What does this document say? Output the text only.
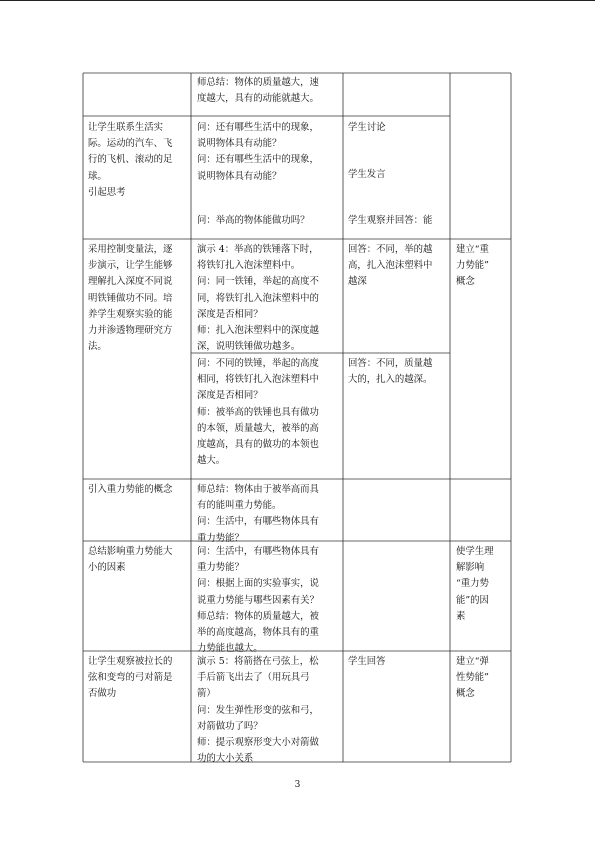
师总结：物体的质量越大，速
度越大，具有的动能就越大。
让学生联系生活实
际。运动的汽车、飞
行的飞机、滚动的足
球。
引起思考
问：还有哪些生活中的现象，
说明物体具有动能？
问：还有哪些生活中的现象，
说明物体具有动能？
问：举高的物体能做功吗？
学生讨论
学生发言
学生观察并回答：能
采用控制变量法，逐
步演示，让学生能够
理解扎入深度不同说
明铁锤做功不同。培
养学生观察实验的能
力并渗透物理研究方
法。
演示 4：举高的铁锤落下时，
将铁钉扎入泡沫塑料中。
问：同一铁锤，举起的高度不
同，将铁钉扎入泡沫塑料中的
深度是否相同？
师：扎入泡沫塑料中的深度越
深，说明铁锤做功越多。
回答：不同，举的越
高，扎入泡沫塑料中
越深
建立“重
力势能”
概念
问：不同的铁锤，举起的高度
相同，将铁钉扎入泡沫塑料中
深度是否相同？
师：被举高的铁锤也具有做功
的本领，质量越大，被举的高
度越高，具有的做功的本领也
越大。
回答：不同，质量越
大的，扎入的越深。
引入重力势能的概念	师总结：物体由于被举高而具
有的能叫重力势能。
问：生活中，有哪些物体具有
重力势能？
总结影响重力势能大
小的因素
问：生活中，有哪些物体具有
重力势能？
问：根据上面的实验事实，说
说重力势能与哪些因素有关？
师总结：物体的质量越大，被
举的高度越高，物体具有的重
力势能也越大。
使学生理
解影响
“重力势
能”的因
素
让学生观察被拉长的
弦和变弯的弓对箭是
否做功
演示 5：将箭搭在弓弦上，松
手后箭飞出去了（用玩具弓
箭）
问：发生弹性形变的弦和弓，
对箭做功了吗？
师：提示观察形变大小对箭做
功的大小关系
学生回答	建立“弹
性势能”
概念
3
